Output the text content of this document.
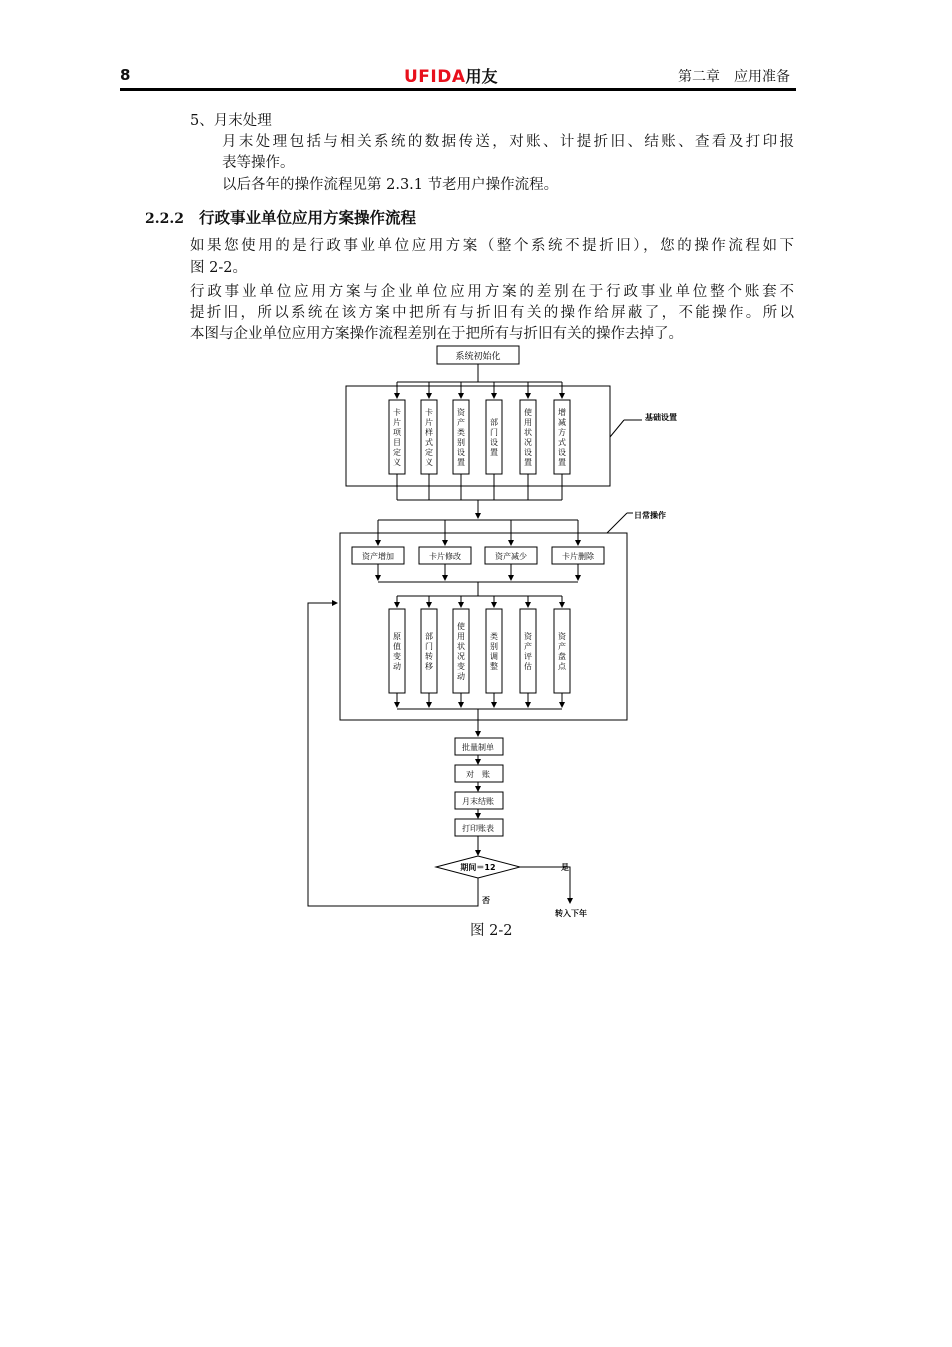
8	UFIDA用友	第二章　应用准备
5、月末处理
月末处理包括与相关系统的数据传送，对账、计提折旧、结账、查看及打印报
表等操作。
以后各年的操作流程见第 2.3.1 节老用户操作流程。
2.2.2 行政事业单位应用方案操作流程
如果您使用的是行政事业单位应用方案（整个系统不提折旧），您的操作流程如下
图 2-2。
行政事业单位应用方案与企业单位应用方案的差别在于行政事业单位整个账套不
提折旧，所以系统在该方案中把所有与折旧有关的操作给屏蔽了，不能操作。所以
本图与企业单位应用方案操作流程差别在于把所有与折旧有关的操作去掉了。
系统初始化
卡片项目定义
卡片样式定义
资产类别设置
部门设置
使用状况设置
增减方式设置
基础设置
日常操作
资产增加	卡片修改	资产减少	卡片删除
原值变动
部门转移
使用状况变动
类别调整
资产评估
资产盘点
批量制单
对　账
月末结账
打印账表
期间＝12	是
转入下年
否
图 2-2
